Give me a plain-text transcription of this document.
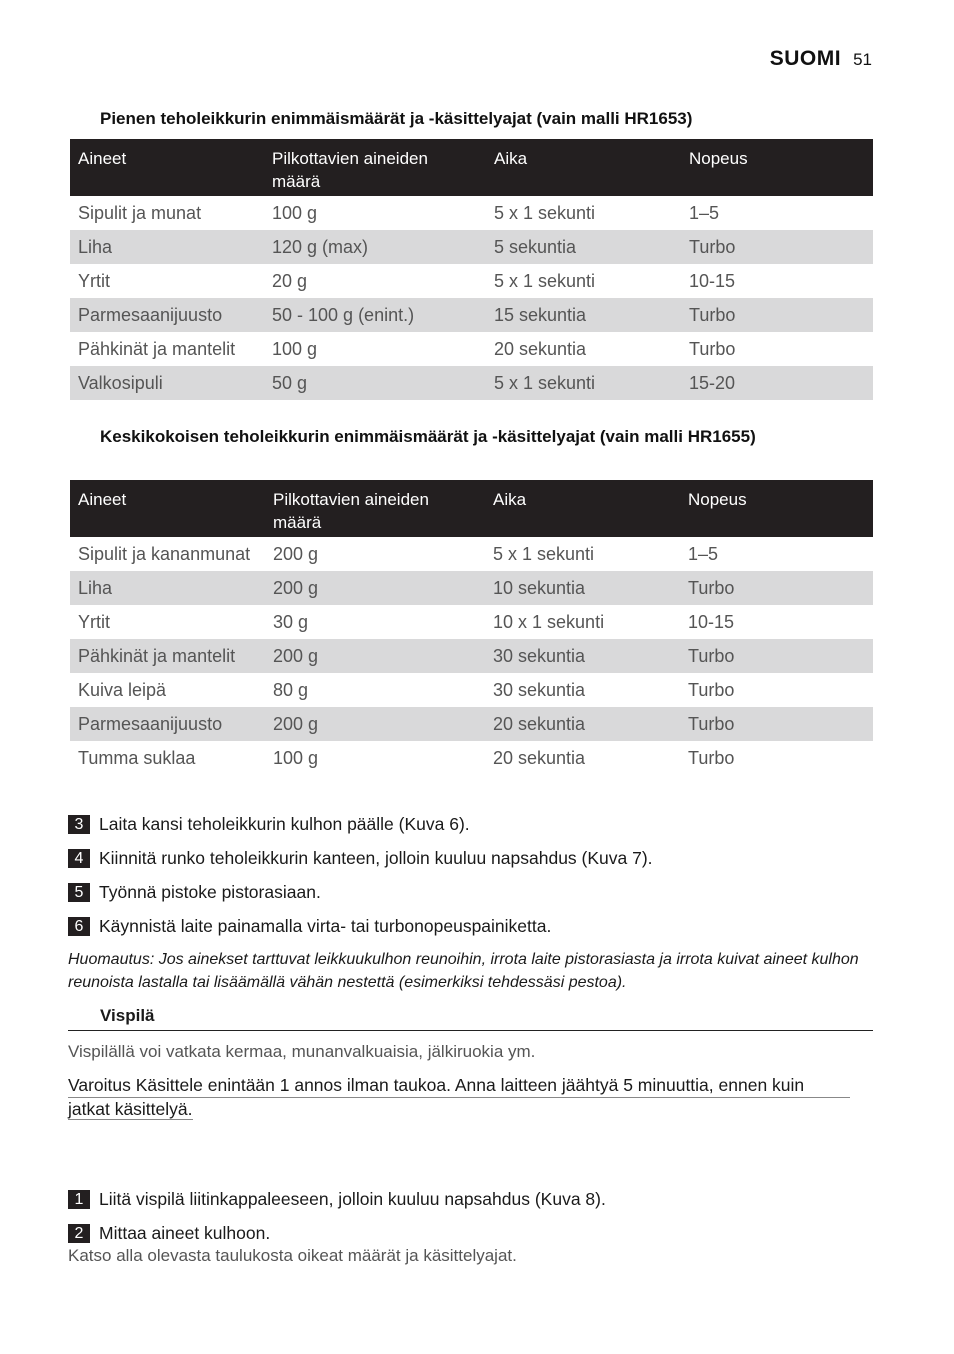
SUOMI 51
Pienen teholeikkurin enimmäismäärät ja -käsittelyajat (vain malli HR1653)
Aineet	Pilkottavien aineiden määrä	Aika	Nopeus
Sipulit ja munat	100 g	5 x 1 sekunti	1–5
Liha	120 g (max)	5 sekuntia	Turbo
Yrtit	20 g	5 x 1 sekunti	10-15
Parmesaanijuusto	50 - 100 g (enint.)	15 sekuntia	Turbo
Pähkinät ja mantelit	100 g	20 sekuntia	Turbo
Valkosipuli	50 g	5 x 1 sekunti	15-20
Keskikokoisen teholeikkurin enimmäismäärät ja -käsittelyajat (vain malli HR1655)
Aineet	Pilkottavien aineiden määrä	Aika	Nopeus
Sipulit ja kananmunat	200 g	5 x 1 sekunti	1–5
Liha	200 g	10 sekuntia	Turbo
Yrtit	30 g	10 x 1 sekunti	10-15
Pähkinät ja mantelit	200 g	30 sekuntia	Turbo
Kuiva leipä	80 g	30 sekuntia	Turbo
Parmesaanijuusto	200 g	20 sekuntia	Turbo
Tumma suklaa	100 g	20 sekuntia	Turbo
3 Laita kansi teholeikkurin kulhon päälle (Kuva 6).
4 Kiinnitä runko teholeikkurin kanteen, jolloin kuuluu napsahdus (Kuva 7).
5 Työnnä pistoke pistorasiaan.
6 Käynnistä laite painamalla virta- tai turbonopeuspainiketta.
Huomautus: Jos ainekset tarttuvat leikkuukulhon reunoihin, irrota laite pistorasiasta ja irrota kuivat aineet kulhon reunoista lastalla tai lisäämällä vähän nestettä (esimerkiksi tehdessäsi pestoa).
Vispilä
Vispilällä voi vatkata kermaa, munanvalkuaisia, jälkiruokia ym.
Varoitus Käsittele enintään 1 annos ilman taukoa. Anna laitteen jäähtyä 5 minuuttia, ennen kuin
jatkat käsittelyä.
1 Liitä vispilä liitinkappaleeseen, jolloin kuuluu napsahdus (Kuva 8).
2 Mittaa aineet kulhoon.
Katso alla olevasta taulukosta oikeat määrät ja käsittelyajat.
